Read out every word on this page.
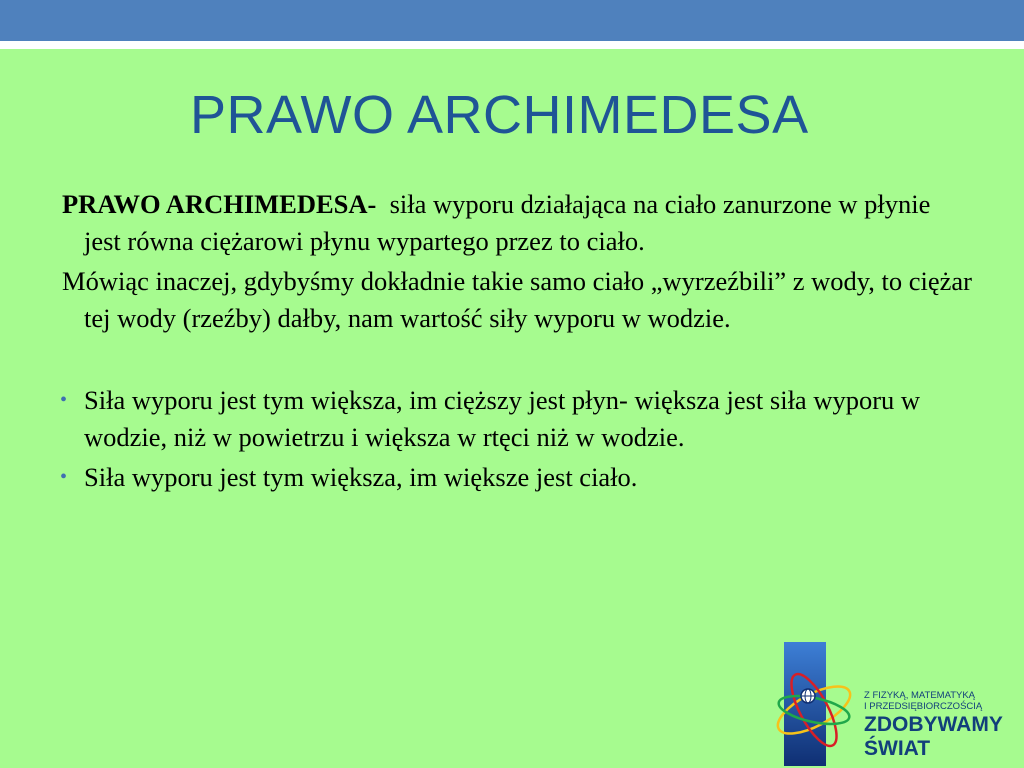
PRAWO ARCHIMEDESA

PRAWO ARCHIMEDESA- siła wyporu działająca na ciało zanurzone w płynie jest równa ciężarowi płynu wypartego przez to ciało.

Mówiąc inaczej, gdybyśmy dokładnie takie samo ciało „wyrzeźbili” z wody, to ciężar tej wody (rzeźby) dałby, nam wartość siły wyporu w wodzie.

• Siła wyporu jest tym większa, im cięższy jest płyn- większa jest siła wyporu w wodzie, niż w powietrzu i większa w rtęci niż w wodzie.
• Siła wyporu jest tym większa, im większe jest ciało.
Z FIZYKĄ, MATEMATYKĄ
I PRZEDSIĘBIORCZOŚCIĄ
ZDOBYWAMY
ŚWIAT
